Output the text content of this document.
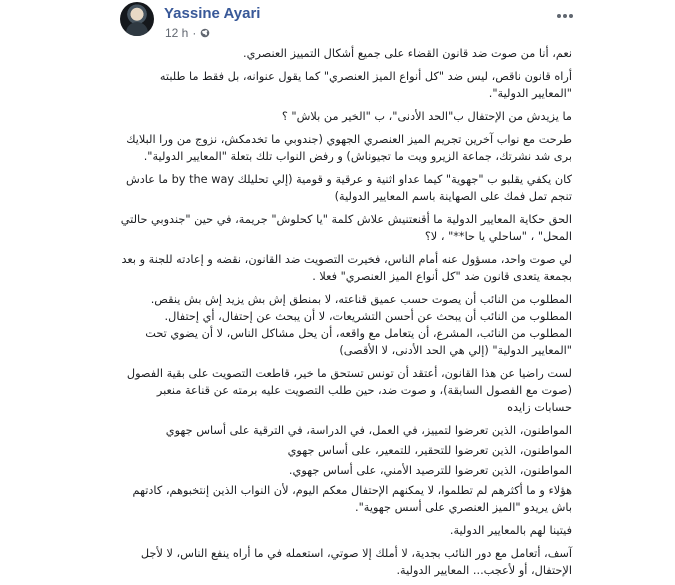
Yassine Ayari
12 h ·

نعم، أنا من صوت ضد قانون القضاء على جميع أشكال التمييز العنصري.

أراه قانون ناقص، ليس ضد "كل أنواع الميز العنصري" كما يقول عنوانه، بل فقط ما طلبته "المعايير الدولية".

ما يزيدش من الإحتفال ب"الحد الأدنى"، ب "الخير من بلاش" ؟

طرحت مع نواب آخرين تجريم الميز العنصري الجهوي (جندوبي ما تخدمكش، نزوج من ورا البلايك برى شد نشرتك، جماعة الزيرو ويت ما تجيوناش) و رفض النواب تلك بتعلة "المعايير الدولية".

كان يكفي يقلبو ب "جهوية" كيما عداو اثنية و عرقية و قومية (إلي تحليلك by the way ما عادش تنجم تمل فمك على الصهاينة باسم المعايير الدولية)

الحق حكاية المعايير الدولية ما أقنعتنيش علاش كلمة "يا كحلوش" جريمة، في حين "جندوبي حالتي المحل" ، "ساحلي يا حا**" ، لا؟

لي صوت واحد، مسؤول عنه أمام الناس، فخيرت التصويت ضد القانون، نقضه و إعادته للجنة و بعد بجمعة يتعدى قانون ضد "كل أنواع الميز العنصري" فعلا .

المطلوب من النائب أن يصوت حسب عميق قناعته، لا بمنطق إش بش يزيد إش بش ينقص.
المطلوب من النائب أن يبحث عن أحسن التشريعات، لا أن يبحث عن إحتفال، أي إحتفال.
المطلوب من النائب، المشرع، أن يتعامل مع واقعه، أن يحل مشاكل الناس، لا أن يضوي تحت "المعايير الدولية" (إلي هي الحد الأدنى، لا الأقصى)

لست راضيا عن هذا القانون، أعتقد أن تونس تستحق ما خير، قاطعت التصويت على بقية الفصول (صوت مع الفصول السابقة)، و صوت ضد، حين طلب التصويت عليه برمته عن قناعة منعبر حسابات زايده

المواطنون، الذين تعرضوا لتمييز، في العمل، في الدراسة، في الترقية على أساس جهوي

المواطنون، الذين تعرضوا للتحقير، للتمعير، على أساس جهوي

المواطنون، الذين تعرضوا للترصيد الأمني، على أساس جهوي.

هؤلاء و ما أكثرهم لم تطلموا، لا يمكنهم الإحتفال معكم اليوم، لأن النواب الذين إنتخبوهم، كادتهم باش يريدو "الميز العنصري على أسس جهوية".

فيتينا لهم بالمعايير الدولية.

آسف، أتعامل مع دور النائب بجدية، لا أملك إلا صوتي، استعمله في ما أراه ينفع الناس، لا لأجل الإحتفال، أو لأعجب... المعايير الدولية.
